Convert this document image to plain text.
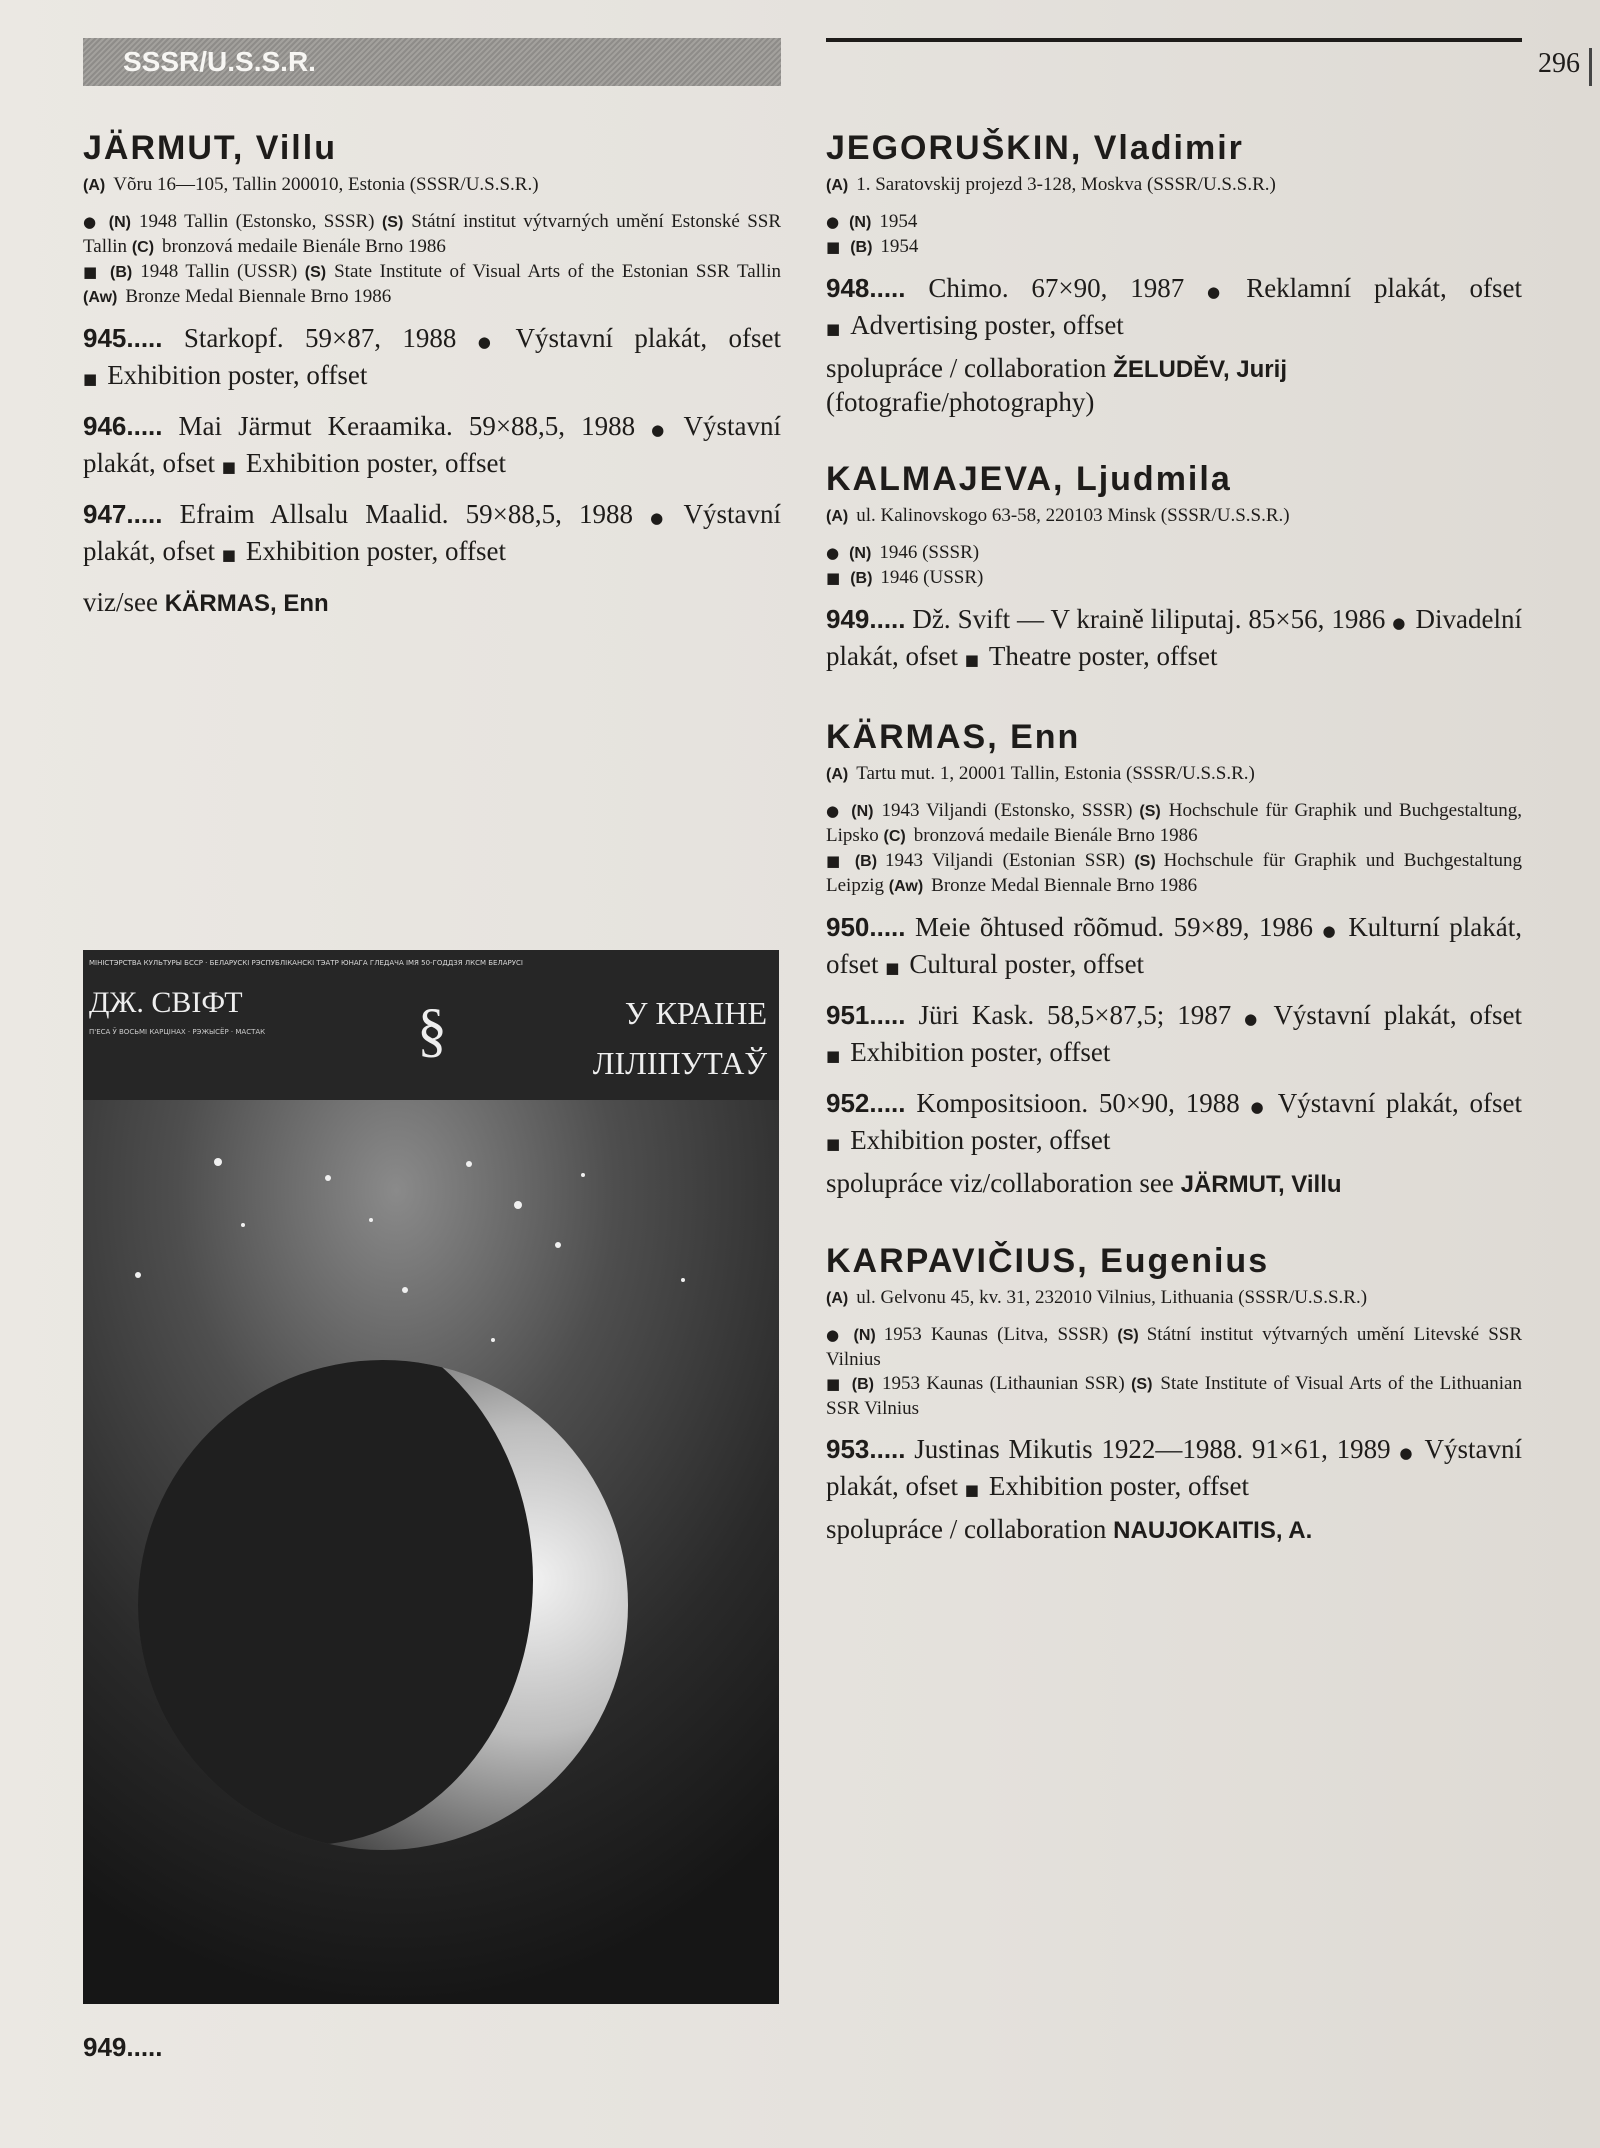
SSSR/U.S.S.R.	296
JÄRMUT, Villu
(A) Võru 16—105, Tallin 200010, Estonia (SSSR/U.S.S.R.)
● (N) 1948 Tallin (Estonsko, SSSR) (S) Státní institut výtvarných umění Estonské SSR Tallin (C) bronzová medaile Bienále Brno 1986
■ (B) 1948 Tallin (USSR) (S) State Institute of Visual Arts of the Estonian SSR Tallin (Aw) Bronze Medal Biennale Brno 1986
945..... Starkopf. 59×87, 1988 ● Výstavní plakát, ofset ■ Exhibition poster, offset
946..... Mai Järmut Keraamika. 59×88,5, 1988 ● Výstavní plakát, ofset ■ Exhibition poster, offset
947..... Efraim Allsalu Maalid. 59×88,5, 1988 ● Výstavní plakát, ofset ■ Exhibition poster, offset
viz/see KÄRMAS, Enn
МІНІСТЭРСТВА КУЛЬТУРЫ БССР · БЕЛАРУСКІ РЭСПУБЛІКАНСКІ ТЭАТР ЮНАГА ГЛЕДАЧА ІМЯ 50-ГОДДЗЯ ЛКСМ БЕЛАРУСІ
ДЖ. СВІФТ
П'ЕСА Ў ВОСЬМІ КАРЦІНАХ · РЭЖЫСЁР · МАСТАК	§	У КРАІНЕ
ЛІЛІПУТАЎ
949.....
JEGORUŠKIN, Vladimir
(A) 1. Saratovskij projezd 3-128, Moskva (SSSR/U.S.S.R.)
● (N) 1954
■ (B) 1954
948..... Chimo. 67×90, 1987 ● Reklamní plakát, ofset ■ Advertising poster, offset
spolupráce / collaboration ŽELUDĚV, Jurij (fotografie/photography)
KALMAJEVA, Ljudmila
(A) ul. Kalinovskogo 63-58, 220103 Minsk (SSSR/U.S.S.R.)
● (N) 1946 (SSSR)
■ (B) 1946 (USSR)
949..... Dž. Svift — V kraině liliputaj. 85×56, 1986 ● Divadelní plakát, ofset ■ Theatre poster, offset
KÄRMAS, Enn
(A) Tartu mut. 1, 20001 Tallin, Estonia (SSSR/U.S.S.R.)
● (N) 1943 Viljandi (Estonsko, SSSR) (S) Hochschule für Graphik und Buchgestaltung, Lipsko (C) bronzová medaile Bienále Brno 1986
■ (B) 1943 Viljandi (Estonian SSR) (S) Hochschule für Graphik und Buchgestaltung Leipzig (Aw) Bronze Medal Biennale Brno 1986
950..... Meie õhtused rõõmud. 59×89, 1986 ● Kulturní plakát, ofset ■ Cultural poster, offset
951..... Jüri Kask. 58,5×87,5; 1987 ● Výstavní plakát, ofset ■ Exhibition poster, offset
952..... Kompositsioon. 50×90, 1988 ● Výstavní plakát, ofset ■ Exhibition poster, offset
spolupráce viz/collaboration see JÄRMUT, Villu
KARPAVIČIUS, Eugenius
(A) ul. Gelvonu 45, kv. 31, 232010 Vilnius, Lithuania (SSSR/U.S.S.R.)
● (N) 1953 Kaunas (Litva, SSSR) (S) Státní institut výtvarných umění Litevské SSR Vilnius
■ (B) 1953 Kaunas (Lithaunian SSR) (S) State Institute of Visual Arts of the Lithuanian SSR Vilnius
953..... Justinas Mikutis 1922—1988. 91×61, 1989 ● Výstavní plakát, ofset ■ Exhibition poster, offset
spolupráce / collaboration NAUJOKAITIS, A.
